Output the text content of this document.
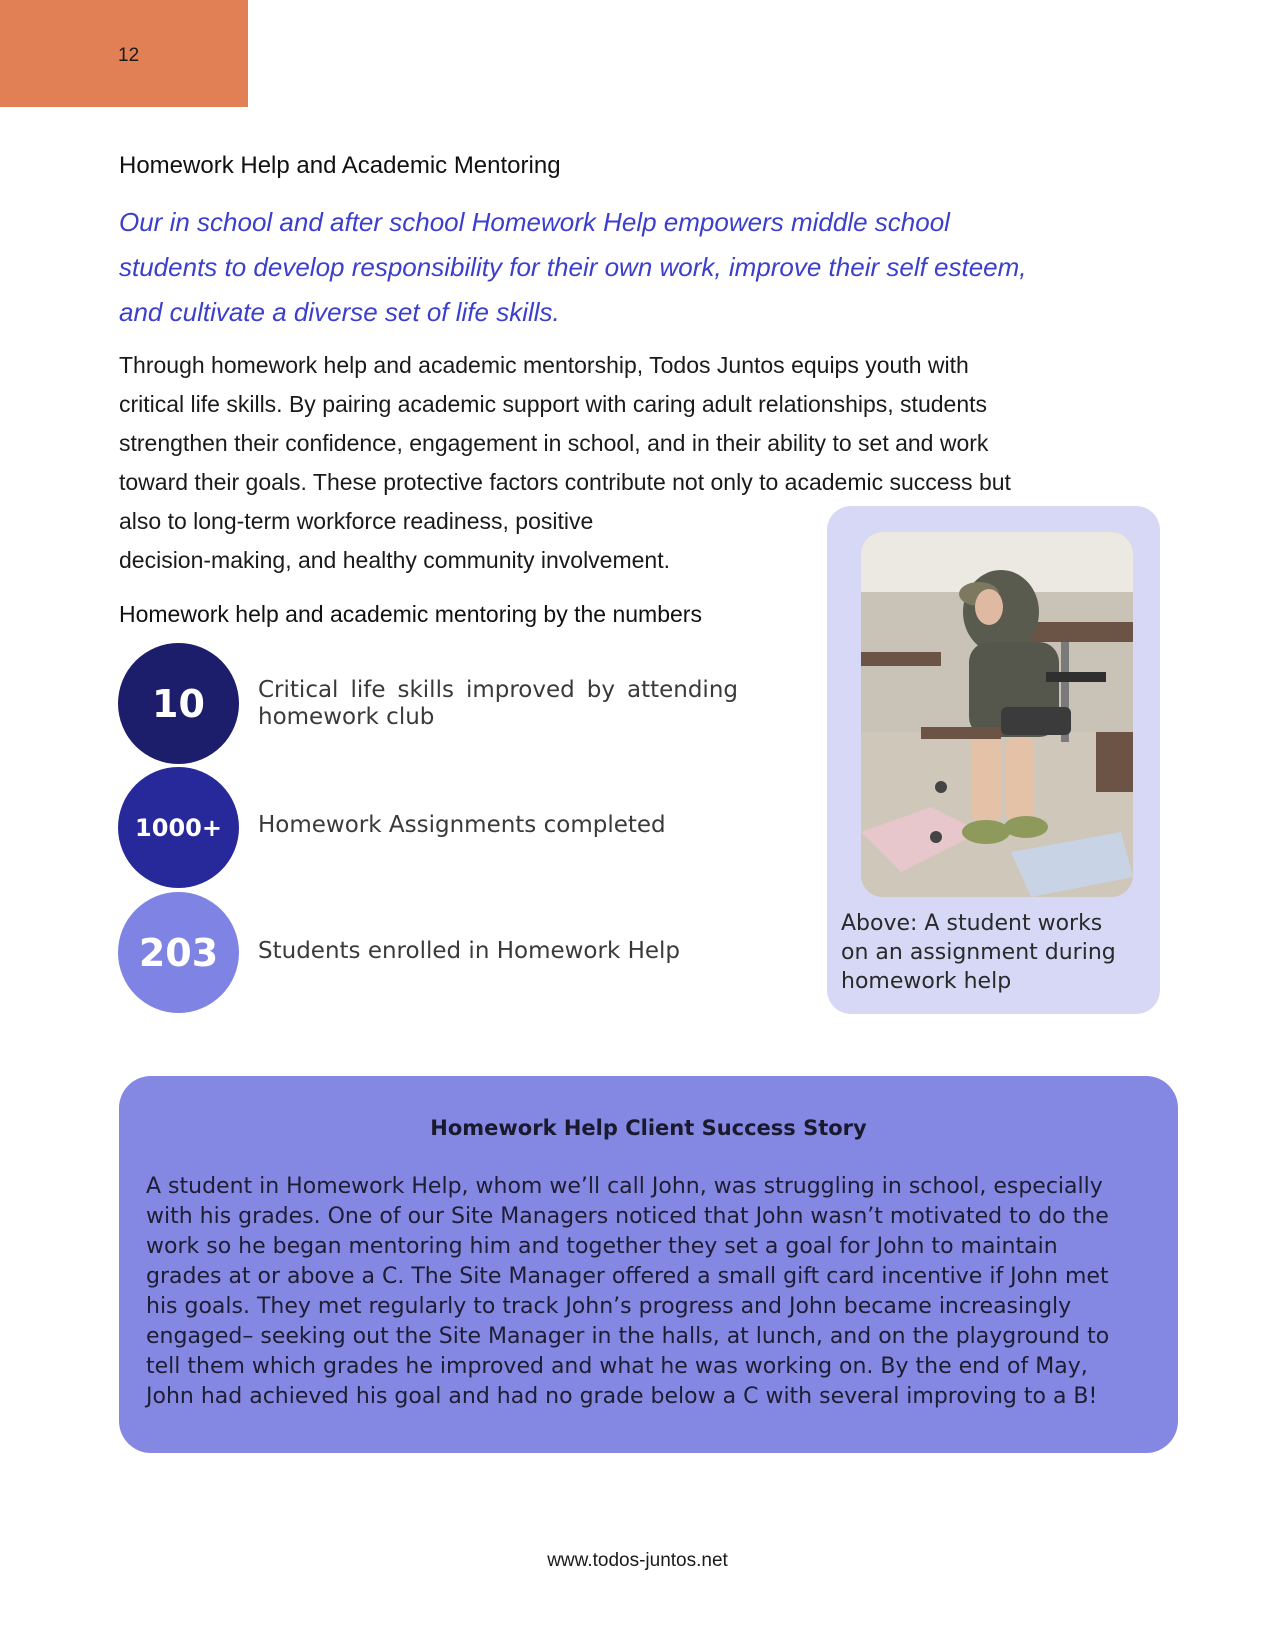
12
Homework Help and Academic Mentoring
Our in school and after school Homework Help empowers middle school
students to develop responsibility for their own work, improve their self esteem,
and cultivate a diverse set of life skills.
Through homework help and academic mentorship, Todos Juntos equips youth with
critical life skills. By pairing academic support with caring adult relationships, students
strengthen their confidence, engagement in school, and in their ability to set and work
toward their goals. These protective factors contribute not only to academic success but
also to long-term workforce readiness, positive
decision-making, and healthy community involvement.
Homework help and academic mentoring by the numbers
10 Critical life skills improved by attending homework club
1000+ Homework Assignments completed
203 Students enrolled in Homework Help
Above: A student works
on an assignment during
homework help
Homework Help Client Success Story
A student in Homework Help, whom we’ll call John, was struggling in school, especially
with his grades. One of our Site Managers noticed that John wasn’t motivated to do the
work so he began mentoring him and together they set a goal for John to maintain
grades at or above a C. The Site Manager offered a small gift card incentive if John met
his goals. They met regularly to track John’s progress and John became increasingly
engaged– seeking out the Site Manager in the halls, at lunch, and on the playground to
tell them which grades he improved and what he was working on. By the end of May,
John had achieved his goal and had no grade below a C with several improving to a B!
www.todos-juntos.net
